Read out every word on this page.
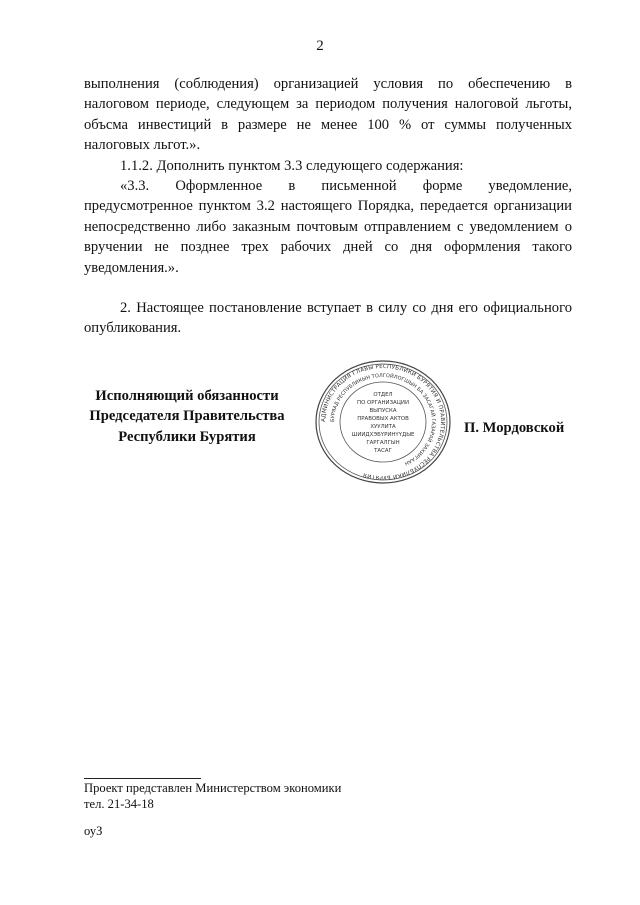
2

выполнения (соблюдения) организацией условия по обеспечению в налоговом периоде, следующем за периодом получения налоговой льготы, объсма инвестиций в размере не менее 100 % от суммы полученных налоговых льгот.».

1.1.2. Дополнить пунктом 3.3 следующего содержания:

«3.3. Оформленное в письменной форме уведомление, предусмотренное пунктом 3.2 настоящего Порядка, передается организации непосредственно либо заказным почтовым отправлением с уведомлением о вручении не позднее трех рабочих дней со дня оформления такого уведомления.».

2. Настоящее постановление вступает в силу со дня его официального опубликования.

Исполняющий обязанности
Председателя Правительства
Республики Бурятия
АДМИНИСТРАЦИЯ ГЛАВЫ РЕСПУБЛИКИ БУРЯТИЯ И ПРАВИТЕЛЬСТВА РЕСПУБЛИКИ БУРЯТИЯ
БУРЯАД РЕСПУБЛИКЫН ТОЛГОЙЛОГШЫН БА ЗАСАГАЙ ГАЗАРАЙ ЗАХИРГААН
ОТДЕЛ
ПО ОРГАНИЗАЦИИ
ВЫПУСКА
ПРАВОВЫХ АКТОВ
ХУУЛИТА
ШИИДХЭБҮРИНҮҮДЫЕ
ГАРГАЛГЫН
ТАСАГ
П. Мордовской
Проект представлен Министерством экономики
тел. 21-34-18
оуЗ
